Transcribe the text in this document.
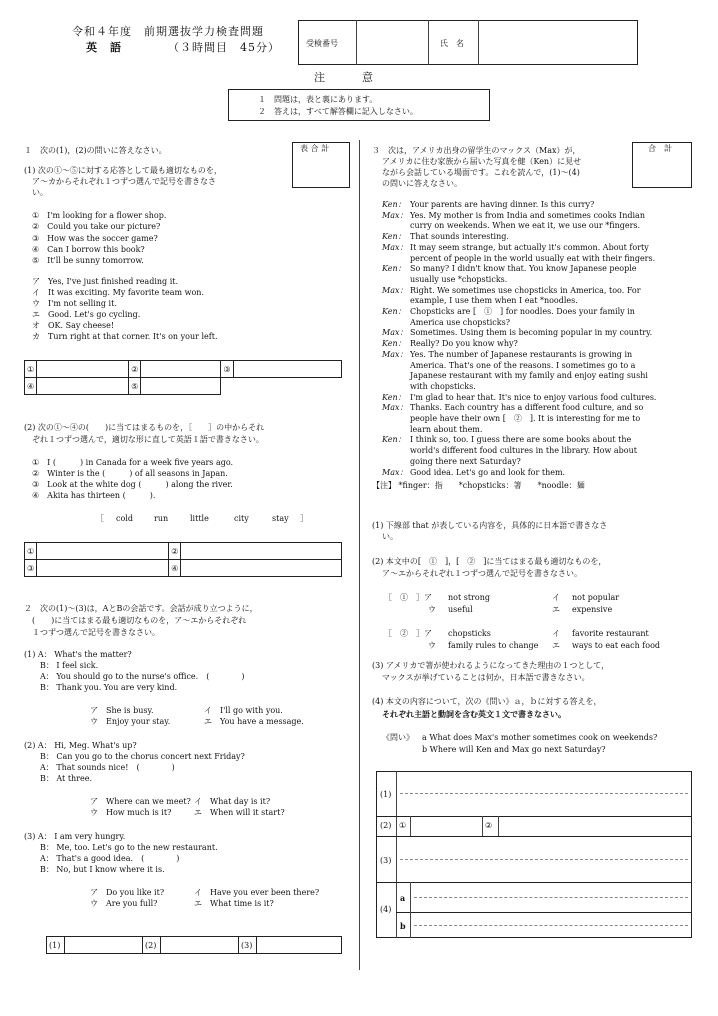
令和４年度　前期選抜学力検査問題
英　語	（３時間目　45分）	受検番号	氏　名
注　　　意
１　問題は，表と裏にあります。
２　答えは，すべて解答欄に記入しなさい。
表 合 計
１　次の(1)，(2)の問いに答えなさい。
(1) 次の①～⑤に対する応答として最も適切なものを，
ア～カからそれぞれ１つずつ選んで記号を書きなさ
い。
①　I'm looking for a flower shop.
②　Could you take our picture?
③　How was the soccer game?
④　Can I borrow this book?
⑤　It'll be sunny tomorrow.
ア　Yes, I've just finished reading it.
イ　It was exciting. My favorite team won.
ウ　I'm not selling it.
エ　Good. Let's go cycling.
オ　OK. Say cheese!
カ　Turn right at that corner. It's on your left.
①		②		③	
④		⑤			
(2) 次の①～④の(　　)に当てはまるものを，［　　］の中からそれ
ぞれ１つずつ選んで，適切な形に直して英語１語で書きなさい。
①　I (　　　) in Canada for a week five years ago.
②　Winter is the (　　　) of all seasons in Japan.
③　Look at the white dog (　　　) along the river.
④　Akita has thirteen (　　　).
［ cold	run	little	city	stay ］
①		②	
③		④	
２　次の(1)～(3)は，AとBの会話です。会話が成り立つように，
(　　)に当てはまる最も適切なものを，ア～エからそれぞれ
１つずつ選んで記号を書きなさい。
(1) A： What's the matter?
B： I feel sick.
A： You should go to the nurse's office.　(　　　　)
B： Thank you. You are very kind.
ア　She is busy.	イ　I'll go with you.
ウ　Enjoy your stay.	エ　You have a message.
(2) A： Hi, Meg. What's up?
B： Can you go to the chorus concert next Friday?
A： That sounds nice!　(　　　　)
B： At three.
ア　Where can we meet? イ　What day is it?
ウ　How much is it?	エ　When will it start?
(3) A： I am very hungry.
B： Me, too. Let's go to the new restaurant.
A： That's a good idea.　(　　　　)
B： No, but I know where it is.
ア　Do you like it?	イ　Have you ever been there?
ウ　Are you full?	エ　What time is it?
(1)		(2)		(3)	
合　計
３　次は，アメリカ出身の留学生のマックス（Max）が，
アメリカに住む家族から届いた写真を健（Ken）に見せ
ながら会話している場面です。これを読んで，(1)～(4)
の問いに答えなさい。
Ken： Your parents are having dinner. Is this curry?
Max： Yes. My mother is from India and sometimes cooks Indian
curry on weekends. When we eat it, we use our *fingers.
Ken： That sounds interesting.
Max： It may seem strange, but actually it's common. About forty
percent of people in the world usually eat with their fingers.
Ken： So many? I didn't know that. You know Japanese people
usually use *chopsticks.
Max： Right. We sometimes use chopsticks in America, too. For
example, I use them when I eat *noodles.
Ken： Chopsticks are [　①　] for noodles. Does your family in
America use chopsticks?
Max： Sometimes. Using them is becoming popular in my country.
Ken： Really? Do you know why?
Max： Yes. The number of Japanese restaurants is growing in
America. That's one of the reasons. I sometimes go to a
Japanese restaurant with my family and enjoy eating sushi
with chopsticks.
Ken： I'm glad to hear that. It's nice to enjoy various food cultures.
Max： Thanks. Each country has a different food culture, and so
people have their own [　②　]. It is interesting for me to
learn about them.
Ken： I think so, too. I guess there are some books about the
world's different food cultures in the library. How about
going there next Saturday?
Max： Good idea. Let's go and look for them.
【注】 *finger：指　　*chopsticks：箸　　*noodle：麺
(1) 下線部 that が表している内容を，具体的に日本語で書きなさ
い。
(2) 本文中の[　①　]，[　②　]に当てはまる最も適切なものを，
ア～エからそれぞれ１つずつ選んで記号を書きなさい。
［　①　］ア not strong	イ not popular
ウ useful	エ expensive
［　②　］ア chopsticks	イ favorite restaurant
ウ family rules to change エ ways to eat each food
(3) アメリカで箸が使われるようになってきた理由の１つとして，
マックスが挙げていることは何か，日本語で書きなさい。
(4) 本文の内容について，次の《問い》ａ，ｂに対する答えを，
それぞれ主語と動詞を含む英文１文で書きなさい。
《問い》 a What does Max's mother sometimes cook on weekends?
b Where will Ken and Max go next Saturday?
(1)
(2) ①	②
(3)
(4)
a
b
